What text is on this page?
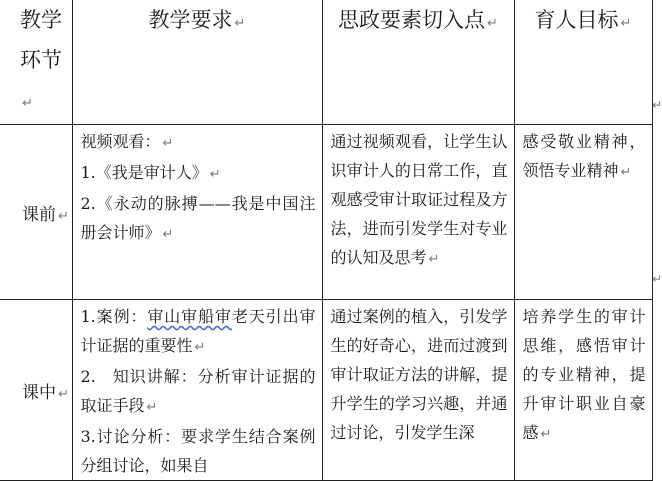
教学
环节↵	教学要求 ↵	思政要素切入点 ↵	育人目标 ↵
课前 ↵	视频观看： ↵
1.《我是审计人》 ↵
2.《永动的脉搏——我是中国注册会计师》 ↵	通过视频观看，让学生认识审计人的日常工作，直观感受审计取证过程及方法，进而引发学生对专业的认知及思考 ↵	感受敬业精神，领悟专业精神 ↵

课中 ↵	1.案例：审山审船审老天引出审计证据的重要性 ↵
2. 知识讲解：分析审计证据的取证手段 ↵
3.讨论分析：要求学生结合案例分组讨论，如果自	通过案例的植入，引发学生的好奇心，进而过渡到审计取证方法的讲解，提升学生的学习兴趣，并通过讨论，引发学生深	培养学生的审计思维，感悟审计的专业精神，提升审计职业自豪感 ↵
↵
↵
